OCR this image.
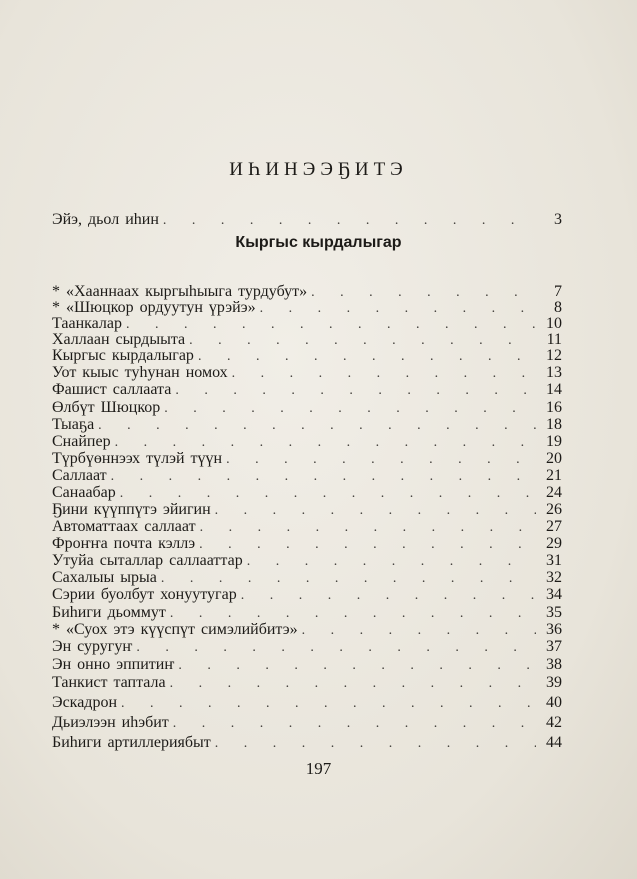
ИҺИНЭЭҔИТЭ
Эйэ, дьол иһин . . .	3
Кыргыс кырдалыгар
* «Хааннаах кыргыһыыга турдубут» . . .	7
* «Шюцкор ордуутун үрэйэ» . . .	8
Таанкалар . . .	10
Халлаан сырдыыта . . .	11
Кыргыс кырдалыгар . . .	12
Уот кыыс туһунан номох . . .	13
Фашист саллаата . . .	14
Өлбүт Шюцкор . . .	16
Тыаҕа . . .	18
Снайпер . . .	19
Түрбүөннээх түлэй түүн . . .	20
Саллаат . . .	21
Санаабар . . .	24
Ҕини күүппүтэ эйигин . . .	26
Автоматтаах саллаат . . .	27
Фроҥҥа почта кэллэ . . .	29
Утуйа сыталлар саллааттар . . .	31
Сахалыы ырыа . . .	32
Сэрии буолбут хонуутугар . . .	34
Биһиги дьоммут . . .	35
* «Суох этэ күүспүт симэлийбитэ» . . .	36
Эн суругуҥ . . .	37
Эн онно эппитиҥ . . .	38
Танкист таптала . . .	39
Эскадрон . . .	40
Дьиэлээн иһэбит . . .	42
Биһиги артиллериябыт . . .	44
197
